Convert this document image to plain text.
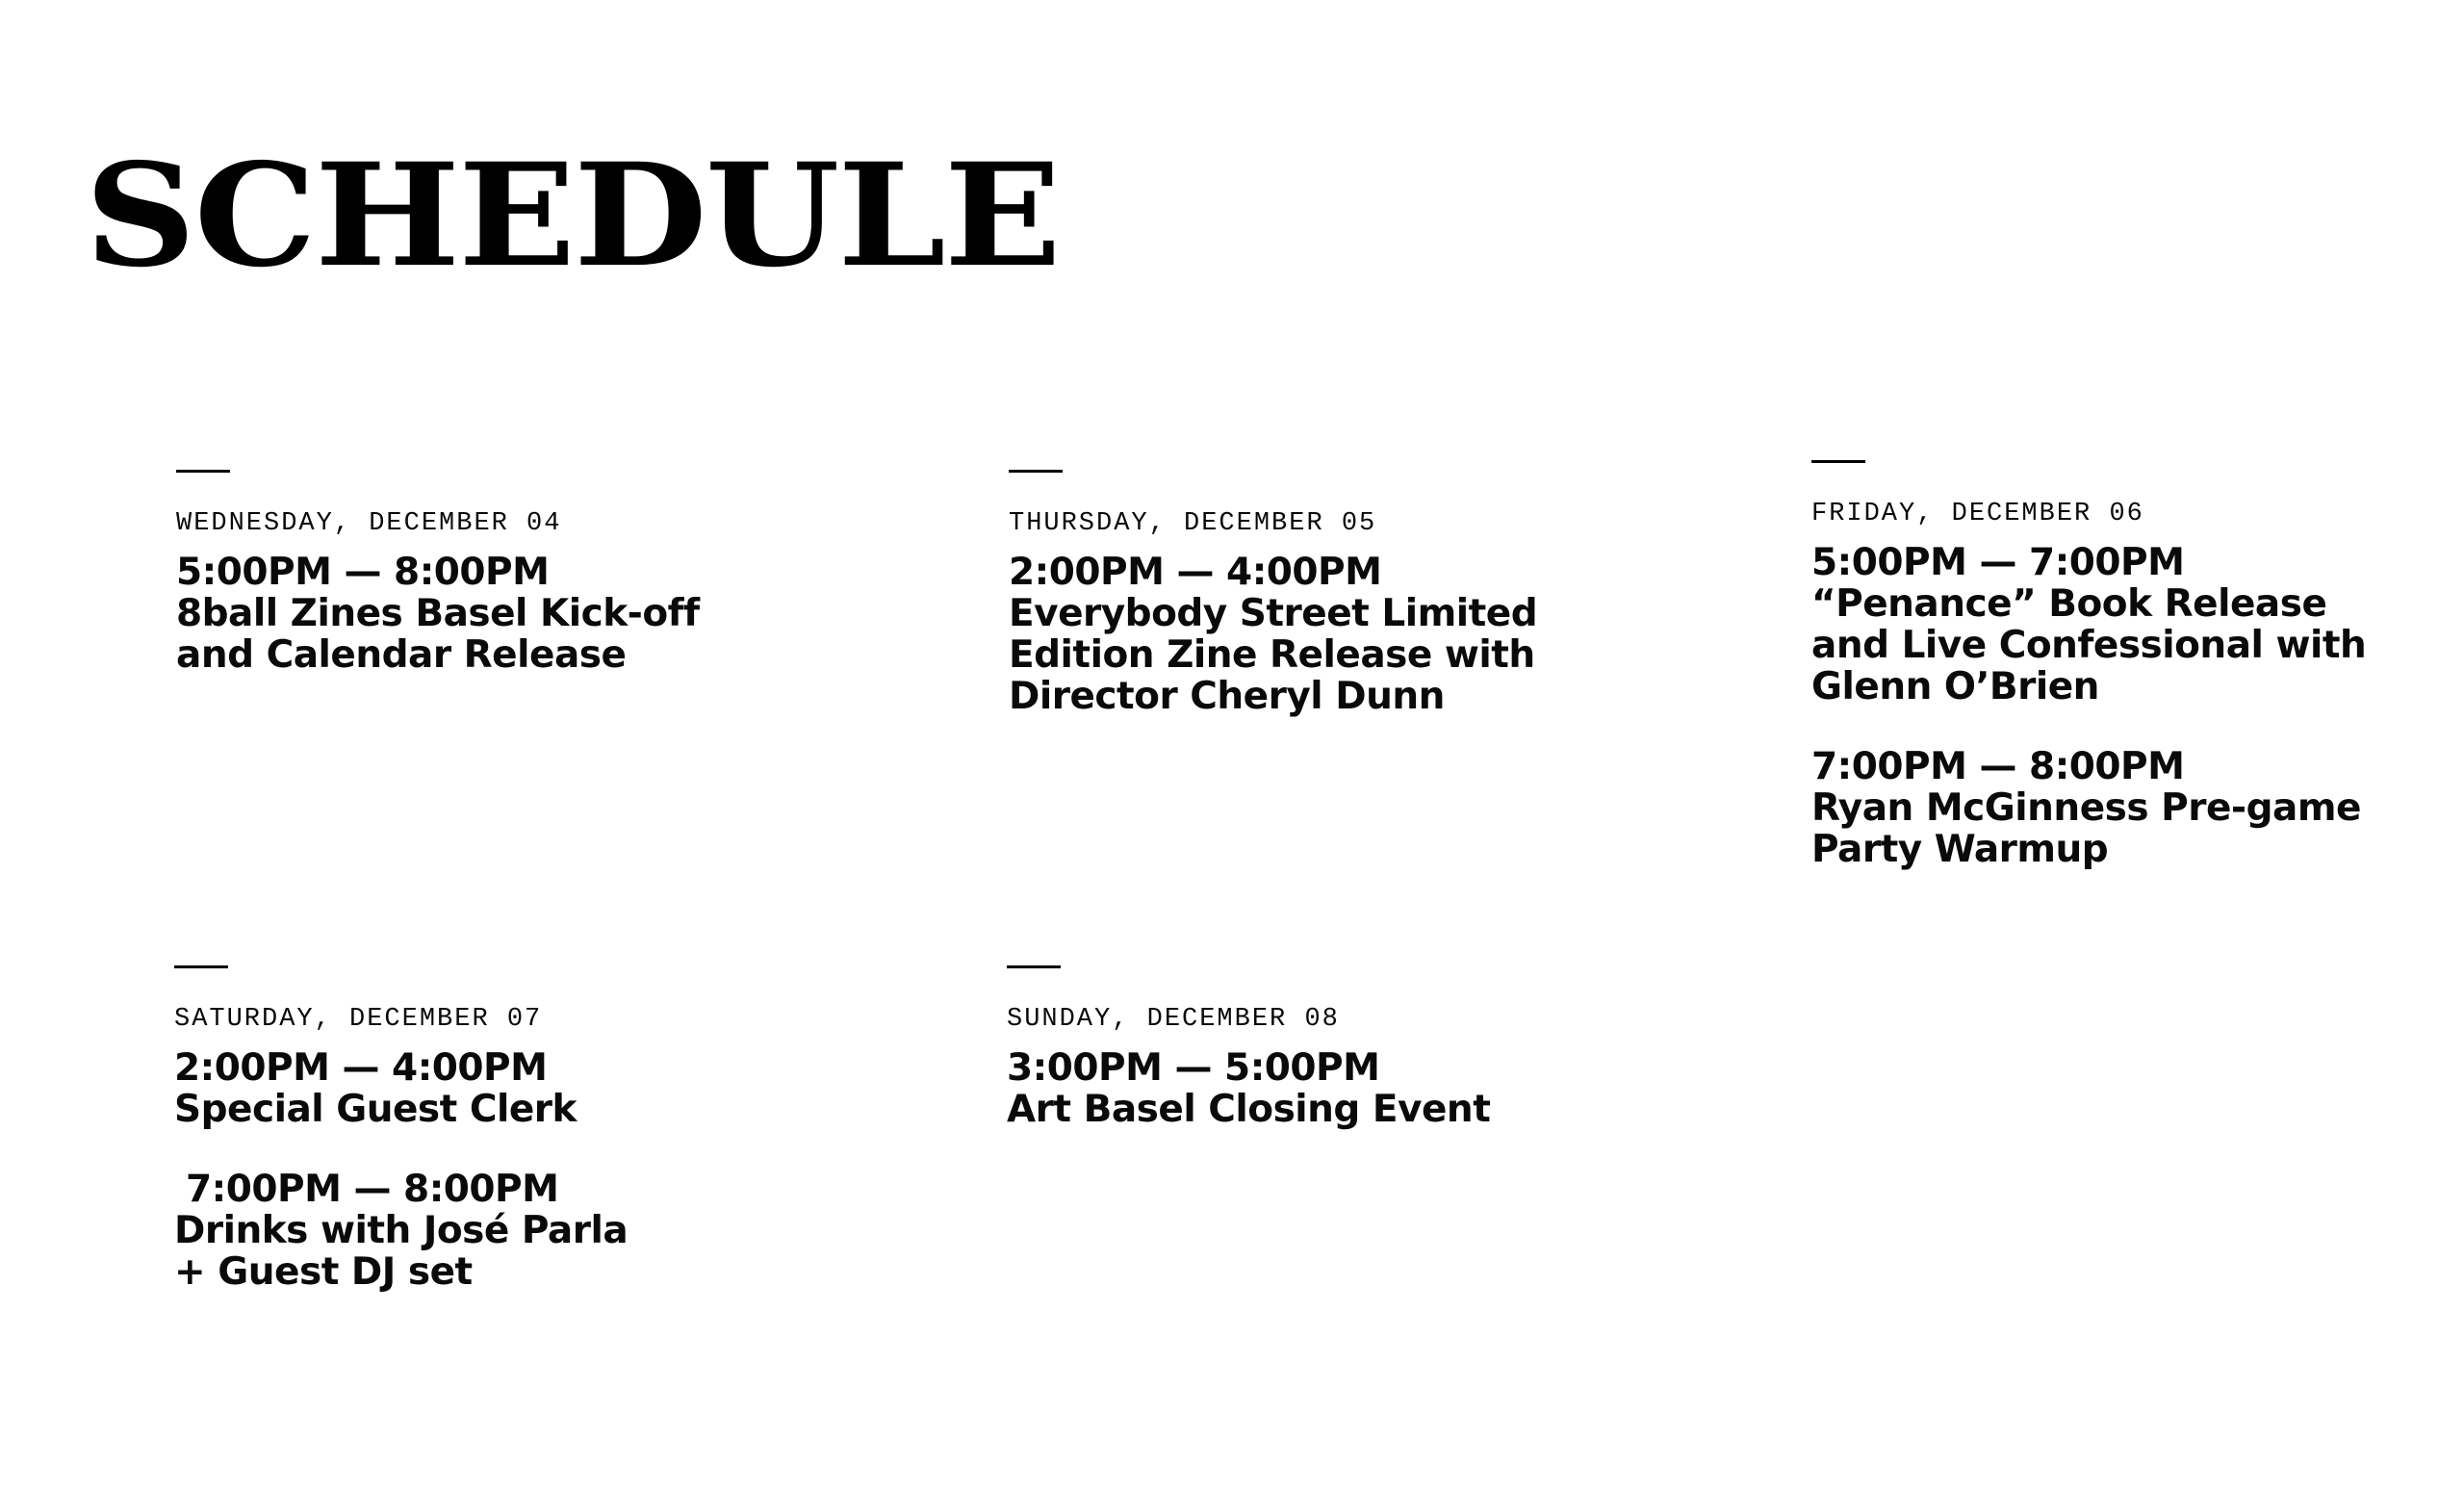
SCHEDULE
WEDNESDAY, DECEMBER 04
5:00PM — 8:00PM
8ball Zines Basel Kick-off
and Calendar Release
THURSDAY, DECEMBER 05
2:00PM — 4:00PM
Everybody Street Limited
Edition Zine Release with
Director Cheryl Dunn
FRIDAY, DECEMBER 06
5:00PM — 7:00PM
“Penance” Book Release
and Live Confessional with
Glenn O’Brien
7:00PM — 8:00PM
Ryan McGinness Pre-game
Party Warmup
SATURDAY, DECEMBER 07
2:00PM — 4:00PM
Special Guest Clerk
7:00PM — 8:00PM
Drinks with José Parla
+ Guest DJ set
SUNDAY, DECEMBER 08
3:00PM — 5:00PM
Art Basel Closing Event
